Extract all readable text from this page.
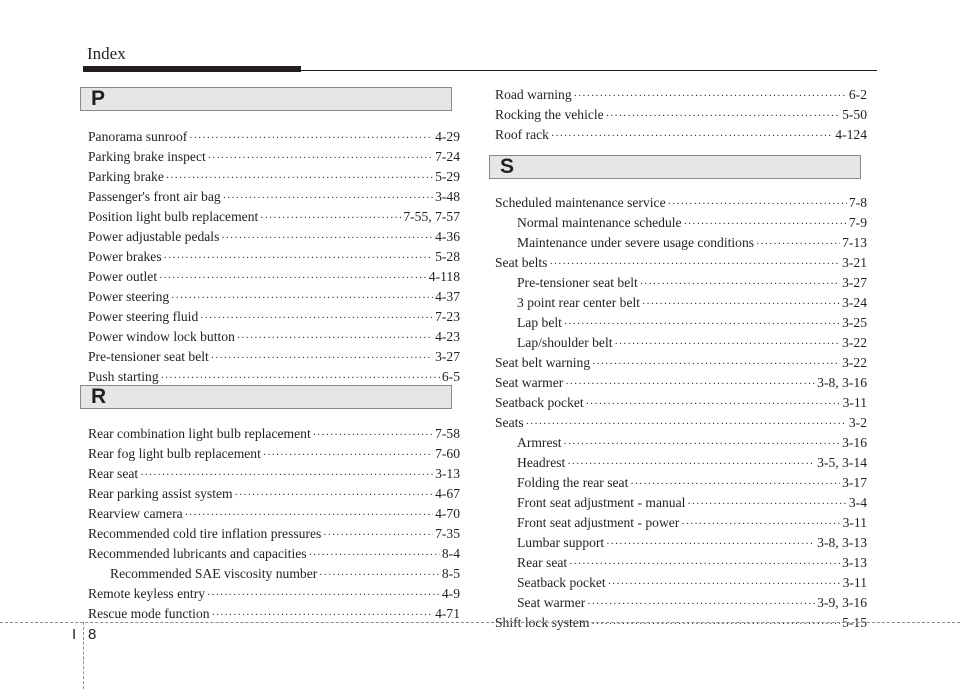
Index
P
Panorama sunroof ·····	4-29
Parking brake inspect ·····	7-24
Parking brake ·····	5-29
Passenger's front air bag ·····	3-48
Position light bulb replacement ·····	7-55, 7-57
Power adjustable pedals ·····	4-36
Power brakes ·····	5-28
Power outlet ·····	4-118
Power steering ·····	4-37
Power steering fluid ·····	7-23
Power window lock button ·····	4-23
Pre-tensioner seat belt ·····	3-27
Push starting ·····	6-5
R
Rear combination light bulb replacement ·····	7-58
Rear fog light bulb replacement ·····	7-60
Rear seat ·····	3-13
Rear parking assist system ·····	4-67
Rearview camera ·····	4-70
Recommended cold tire inflation pressures ·····	7-35
Recommended lubricants and capacities ·····	8-4
Recommended SAE viscosity number ·····	8-5
Remote keyless entry ·····	4-9
Rescue mode function ·····	4-71
Road warning ·····	6-2
Rocking the vehicle ·····	5-50
Roof rack ·····	4-124
S
Scheduled maintenance service ·····	7-8
Normal maintenance schedule ·····	7-9
Maintenance under severe usage conditions ·····	7-13
Seat belts ·····	3-21
Pre-tensioner seat belt ·····	3-27
3 point rear center belt ·····	3-24
Lap belt ·····	3-25
Lap/shoulder belt ·····	3-22
Seat belt warning ·····	3-22
Seat warmer ·····	3-8, 3-16
Seatback pocket ·····	3-11
Seats ·····	3-2
Armrest ·····	3-16
Headrest ·····	3-5, 3-14
Folding the rear seat ·····	3-17
Front seat adjustment - manual ·····	3-4
Front seat adjustment - power ·····	3-11
Lumbar support ·····	3-8, 3-13
Rear seat ·····	3-13
Seatback pocket ·····	3-11
Seat warmer ·····	3-9, 3-16
Shift lock system ·····	5-15
I 8
